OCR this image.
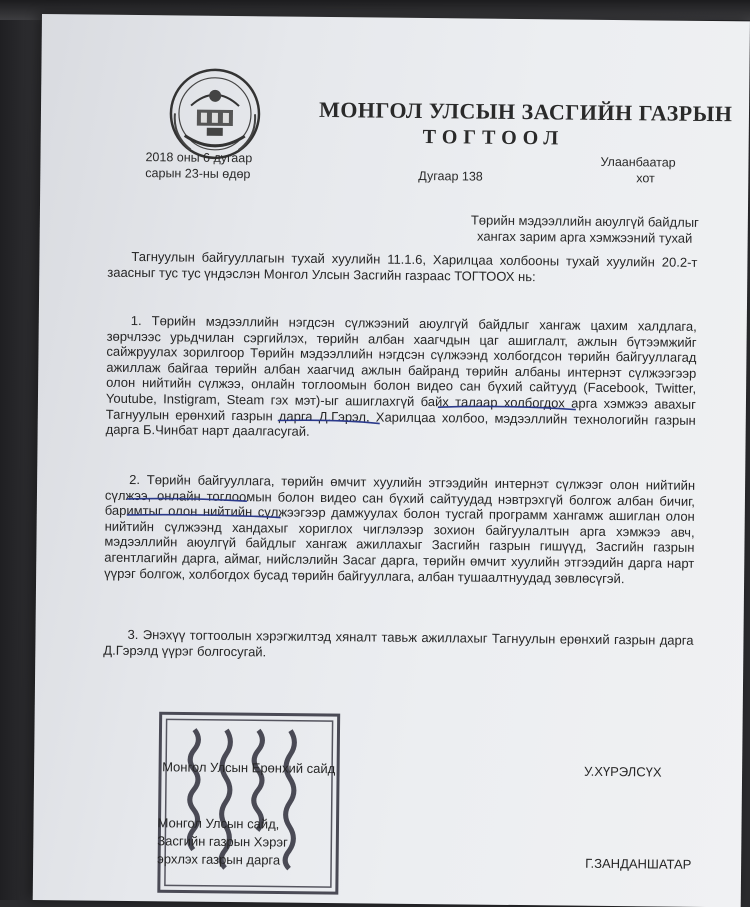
МОНГОЛ УЛСЫН ЗАСГИЙН ГАЗРЫН
ТОГТООЛ
2018 оны 6 дугаар
сарын 23-ны өдөр	Дугаар 138
Улаанбаатар
хот
Төрийн мэдээллийн аюулгүй байдлыг
хангах зарим арга хэмжээний тухай
Тагнуулын байгууллагын тухай хуулийн 11.1.6, Харилцаа холбооны тухай хуулийн 20.2-т заасныг тус тус үндэслэн Монгол Улсын Засгийн газраас ТОГТООХ нь:
1. Төрийн мэдээллийн нэгдсэн сүлжээний аюулгүй байдлыг хангаж цахим халдлага, зөрчлээс урьдчилан сэргийлэх, төрийн албан хаагчдын цаг ашиглалт, ажлын бүтээмжийг сайжруулах зорилгоор Төрийн мэдээллийн нэгдсэн сүлжээнд холбогдсон төрийн байгууллагад ажиллаж байгаа төрийн албан хаагчид ажлын байранд төрийн албаны интернэт сүлжээгээр олон нийтийн сүлжээ, онлайн тоглоомын болон видео сан бүхий сайтууд (Facebook, Twitter, Youtube, Instigram, Steam гэх мэт)-ыг ашиглахгүй байх талаар холбогдох арга хэмжээ авахыг Тагнуулын ерөнхий газрын дарга Д.Гэрэл, Харилцаа холбоо, мэдээллийн технологийн газрын дарга Б.Чинбат нарт даалгасугай.
2. Төрийн байгууллага, төрийн өмчит хуулийн этгээдийн интернэт сүлжээг олон нийтийн сүлжээ, онлайн тоглоомын болон видео сан бүхий сайтуудад нэвтрэхгүй болгож албан бичиг, баримтыг олон нийтийн сүлжээгээр дамжуулах болон тусгай программ хангамж ашиглан олон нийтийн сүлжээнд хандахыг хориглох чиглэлээр зохион байгуулалтын арга хэмжээ авч, мэдээллийн аюулгүй байдлыг хангаж ажиллахыг Засгийн газрын гишүүд, Засгийн газрын агентлагийн дарга, аймаг, нийслэлийн Засаг дарга, төрийн өмчит хуулийн этгээдийн дарга нарт үүрэг болгож, холбогдох бусад төрийн байгууллага, албан тушаалтнуудад зөвлөсүгэй.
3. Энэхүү тогтоолын хэрэгжилтэд хяналт тавьж ажиллахыг Тагнуулын ерөнхий газрын дарга Д.Гэрэлд үүрэг болгосугай.
Монгол Улсын Ерөнхий сайд	У.ХҮРЭЛСҮХ
Монгол Улсын сайд,
Засгийн газрын Хэрэг
эрхлэх газрын дарга	Г.ЗАНДАНШАТАР
